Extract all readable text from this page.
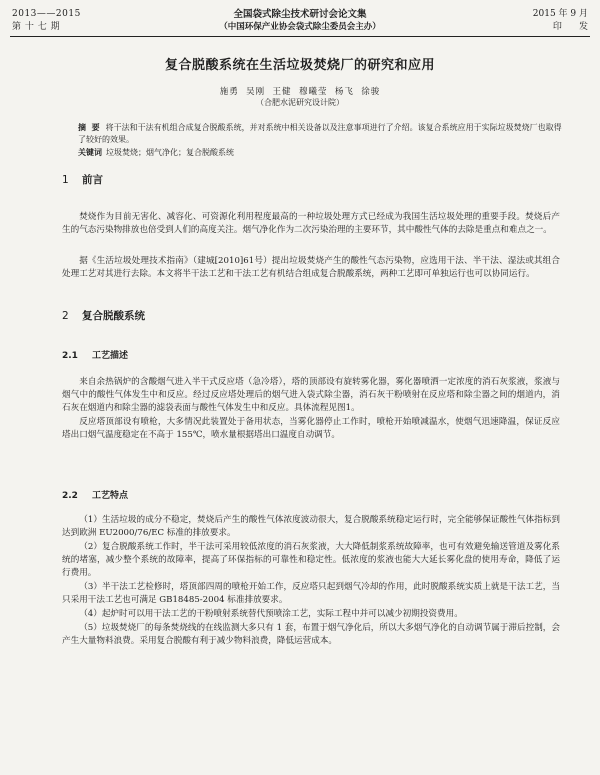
2013——2015
第 十 七 期
全国袋式除尘技术研讨会论文集
（中国环保产业协会袋式除尘委员会主办）
2015 年 9 月
印      发
复合脱酸系统在生活垃圾焚烧厂的研究和应用
施勇  吴刚  王健  穆曦莹  杨飞  徐骏
（合肥水泥研究设计院）
摘  要 将干法和干法有机组合成复合脱酸系统，并对系统中相关设备以及注意事项进行了介绍。该复合系统应用于实际垃圾焚烧厂也取得了较好的效果。
关键词 垃圾焚烧；烟气净化；复合脱酸系统
1 前言
焚烧作为目前无害化、减容化、可资源化利用程度最高的一种垃圾处理方式已经成为我国生活垃圾处理的重要手段。焚烧后产生的气态污染物排放也倍受到人们的高度关注。烟气净化作为二次污染治理的主要环节，其中酸性气体的去除是重点和难点之一。
据《生活垃圾处理技术指南》（建城[2010]61号）提出垃圾焚烧产生的酸性气态污染物，应选用干法、半干法、湿法或其组合处理工艺对其进行去除。本文将半干法工艺和干法工艺有机结合组成复合脱酸系统，两种工艺即可单独运行也可以协同运行。
2 复合脱酸系统
2.1 工艺描述

来自余热锅炉的含酸烟气进入半干式反应塔（急冷塔），塔的顶部设有旋转雾化器，雾化器喷洒一定浓度的消石灰浆液，浆液与烟气中的酸性气体发生中和反应。经过反应塔处理后的烟气进入袋式除尘器，消石灰干粉喷射在反应塔和除尘器之间的烟道内，消石灰在烟道内和除尘器的滤袋表面与酸性气体发生中和反应。具体流程见图1。

反应塔顶部设有喷枪，大多情况此装置处于备用状态，当雾化器停止工作时，喷枪开始喷减温水，使烟气迅速降温，保证反应塔出口烟气温度稳定在不高于 155℃，喷水量根据塔出口温度自动调节。

2.2 工艺特点

（1）生活垃圾的成分不稳定，焚烧后产生的酸性气体浓度波动很大，复合脱酸系统稳定运行时，完全能够保证酸性气体指标到达到欧洲 EU2000/76/EC 标准的排放要求。

（2）复合脱酸系统工作时，半干法可采用较低浓度的消石灰浆液，大大降低制浆系统故障率，也可有效避免输送管道及雾化系统的堵塞，减少整个系统的故障率，提高了环保指标的可靠性和稳定性。低浓度的浆液也能大大延长雾化盘的使用寿命，降低了运行费用。

（3）半干法工艺检修时，塔顶部四周的喷枪开始工作，反应塔只起到烟气冷却的作用，此时脱酸系统实质上就是干法工艺，当只采用干法工艺也可满足 GB18485-2004 标准排放要求。

（4）起炉时可以用干法工艺的干粉喷射系统替代预喷涂工艺，实际工程中并可以减少初期投资费用。

（5）垃圾焚烧厂的每条焚烧线的在线监测大多只有 1 套，布置于烟气净化后，所以大多烟气净化的自动调节属于滞后控制，会产生大量物料浪费。采用复合脱酸有利于减少物料浪费，降低运营成本。
